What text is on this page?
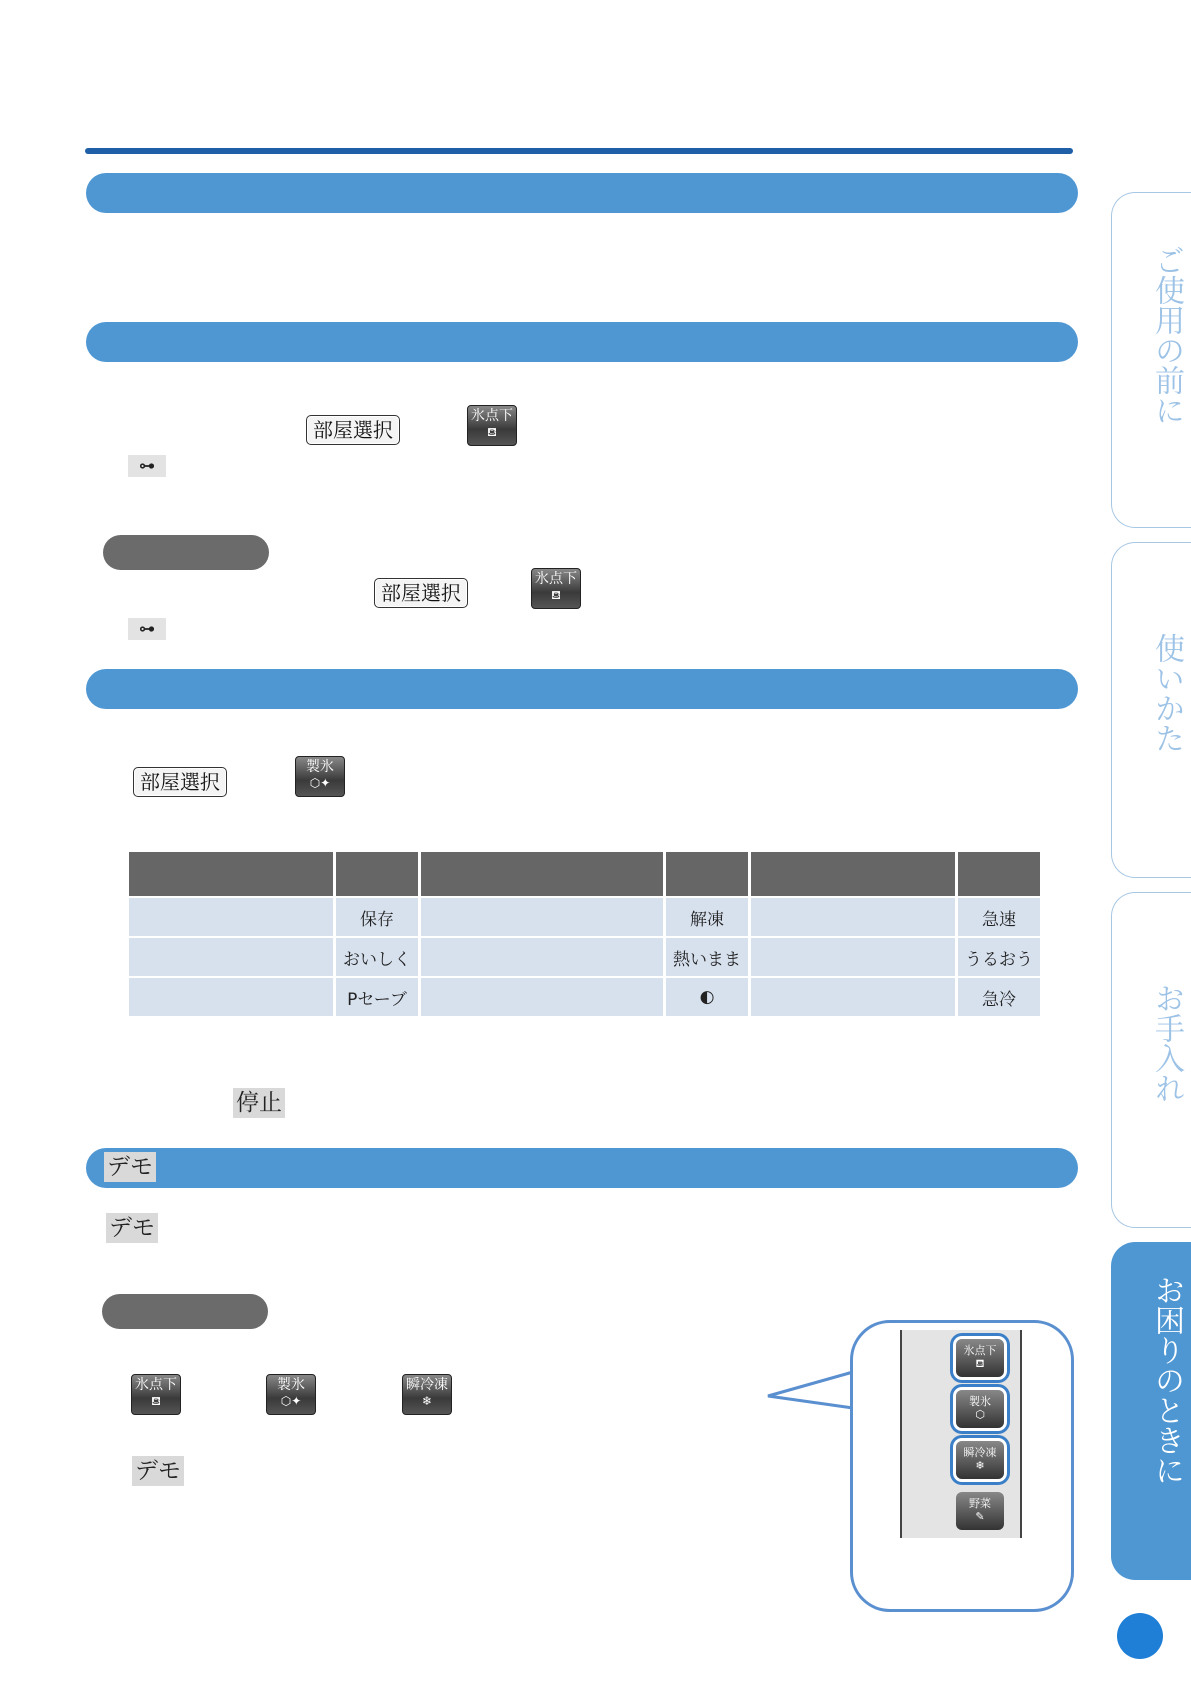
デモ
部屋選択
氷点下
⛾
⊶
部屋選択
氷点下
⛾
⊶
部屋選択
製氷
⬡✦

	保存		解凍		急速
	おいしく		熱いまま		うるおう
	Pセーブ		◐		急冷
停止
デモ
氷点下
⛾
製氷
⬡✦
瞬冷凍
❄
デモ
氷点下
⛾
製氷
⬡
瞬冷凍
❄
野菜
✎
ご使用の前に
使いかた
お手入れ
お困りのときに
